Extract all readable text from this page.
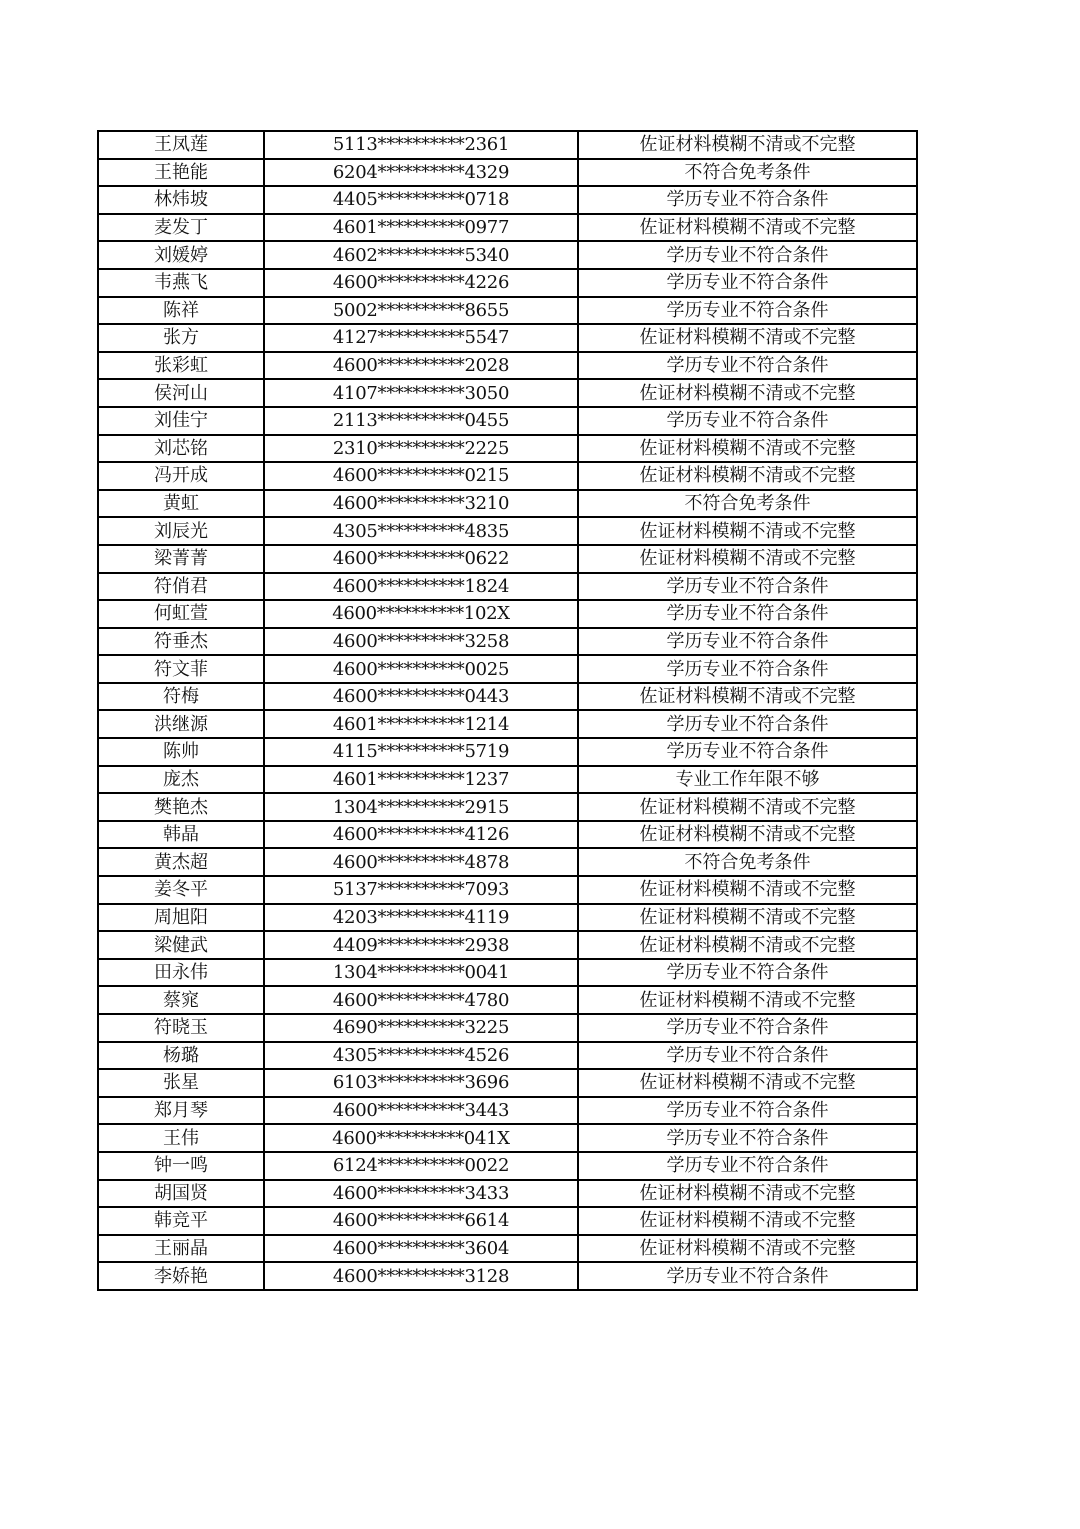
王凤莲	5113**********2361	佐证材料模糊不清或不完整
王艳能	6204**********4329	不符合免考条件
林炜坡	4405**********0718	学历专业不符合条件
麦发丁	4601**********0977	佐证材料模糊不清或不完整
刘媛婷	4602**********5340	学历专业不符合条件
韦燕飞	4600**********4226	学历专业不符合条件
陈祥	5002**********8655	学历专业不符合条件
张方	4127**********5547	佐证材料模糊不清或不完整
张彩虹	4600**********2028	学历专业不符合条件
侯河山	4107**********3050	佐证材料模糊不清或不完整
刘佳宁	2113**********0455	学历专业不符合条件
刘芯铭	2310**********2225	佐证材料模糊不清或不完整
冯开成	4600**********0215	佐证材料模糊不清或不完整
黄虹	4600**********3210	不符合免考条件
刘辰光	4305**********4835	佐证材料模糊不清或不完整
梁菁菁	4600**********0622	佐证材料模糊不清或不完整
符俏君	4600**********1824	学历专业不符合条件
何虹萱	4600**********102X	学历专业不符合条件
符垂杰	4600**********3258	学历专业不符合条件
符文菲	4600**********0025	学历专业不符合条件
符梅	4600**********0443	佐证材料模糊不清或不完整
洪继源	4601**********1214	学历专业不符合条件
陈帅	4115**********5719	学历专业不符合条件
庞杰	4601**********1237	专业工作年限不够
樊艳杰	1304**********2915	佐证材料模糊不清或不完整
韩晶	4600**********4126	佐证材料模糊不清或不完整
黄杰超	4600**********4878	不符合免考条件
姜冬平	5137**********7093	佐证材料模糊不清或不完整
周旭阳	4203**********4119	佐证材料模糊不清或不完整
梁健武	4409**********2938	佐证材料模糊不清或不完整
田永伟	1304**********0041	学历专业不符合条件
蔡窕	4600**********4780	佐证材料模糊不清或不完整
符晓玉	4690**********3225	学历专业不符合条件
杨璐	4305**********4526	学历专业不符合条件
张星	6103**********3696	佐证材料模糊不清或不完整
郑月琴	4600**********3443	学历专业不符合条件
王伟	4600**********041X	学历专业不符合条件
钟一鸣	6124**********0022	学历专业不符合条件
胡国贤	4600**********3433	佐证材料模糊不清或不完整
韩竞平	4600**********6614	佐证材料模糊不清或不完整
王丽晶	4600**********3604	佐证材料模糊不清或不完整
李娇艳	4600**********3128	学历专业不符合条件
